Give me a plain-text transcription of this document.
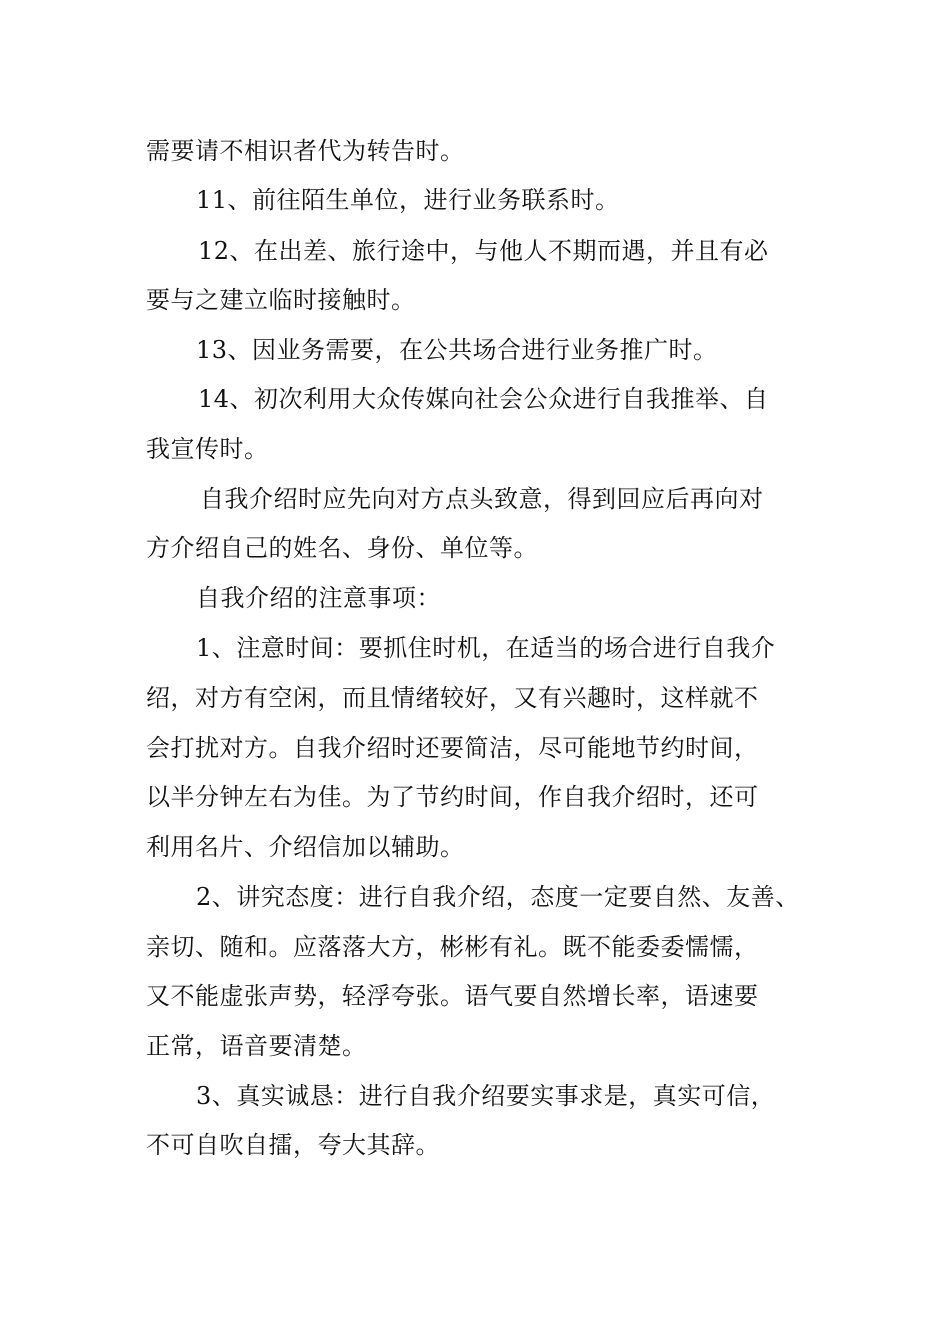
需要请不相识者代为转告时。
11、前往陌生单位，进行业务联系时。
12、在出差、旅行途中，与他人不期而遇，并且有必
要与之建立临时接触时。
13、因业务需要，在公共场合进行业务推广时。
14、初次利用大众传媒向社会公众进行自我推举、自
我宣传时。
自我介绍时应先向对方点头致意，得到回应后再向对
方介绍自己的姓名、身份、单位等。
自我介绍的注意事项：
1、注意时间：要抓住时机，在适当的场合进行自我介
绍，对方有空闲，而且情绪较好，又有兴趣时，这样就不
会打扰对方。自我介绍时还要简洁，尽可能地节约时间，
以半分钟左右为佳。为了节约时间，作自我介绍时，还可
利用名片、介绍信加以辅助。
2、讲究态度：进行自我介绍，态度一定要自然、友善、
亲切、随和。应落落大方，彬彬有礼。既不能委委懦懦，
又不能虚张声势，轻浮夸张。语气要自然增长率，语速要
正常，语音要清楚。
3、真实诚恳：进行自我介绍要实事求是，真实可信，
不可自吹自擂，夸大其辞。
